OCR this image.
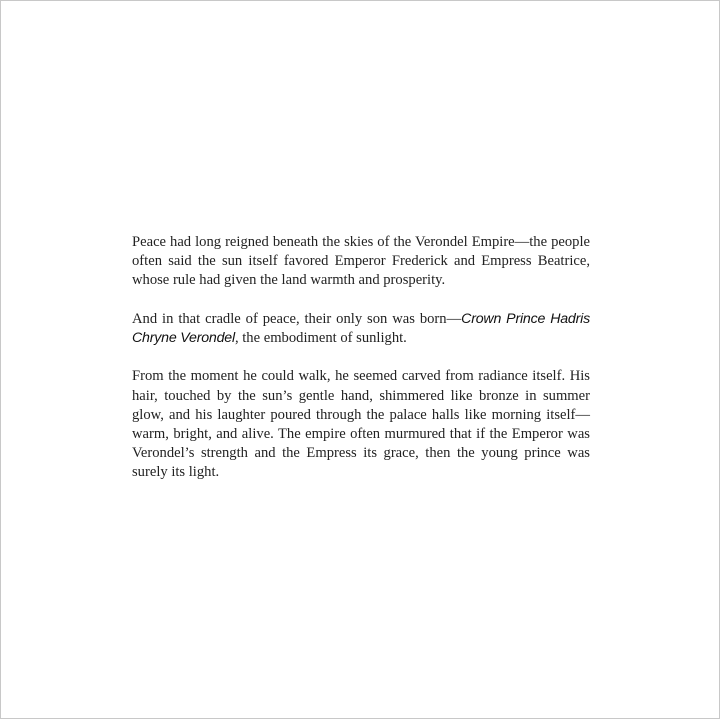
Peace had long reigned beneath the skies of the Verondel Empire—the people often said the sun itself favored Emperor Frederick and Empress Beatrice, whose rule had given the land warmth and prosperity.

And in that cradle of peace, their only son was born—Crown Prince Hadris Chryne Verondel, the embodiment of sunlight.

From the moment he could walk, he seemed carved from radiance itself. His hair, touched by the sun’s gentle hand, shimmered like bronze in summer glow, and his laughter poured through the palace halls like morning itself—warm, bright, and alive. The empire often murmured that if the Emperor was Verondel’s strength and the Empress its grace, then the young prince was surely its light.
